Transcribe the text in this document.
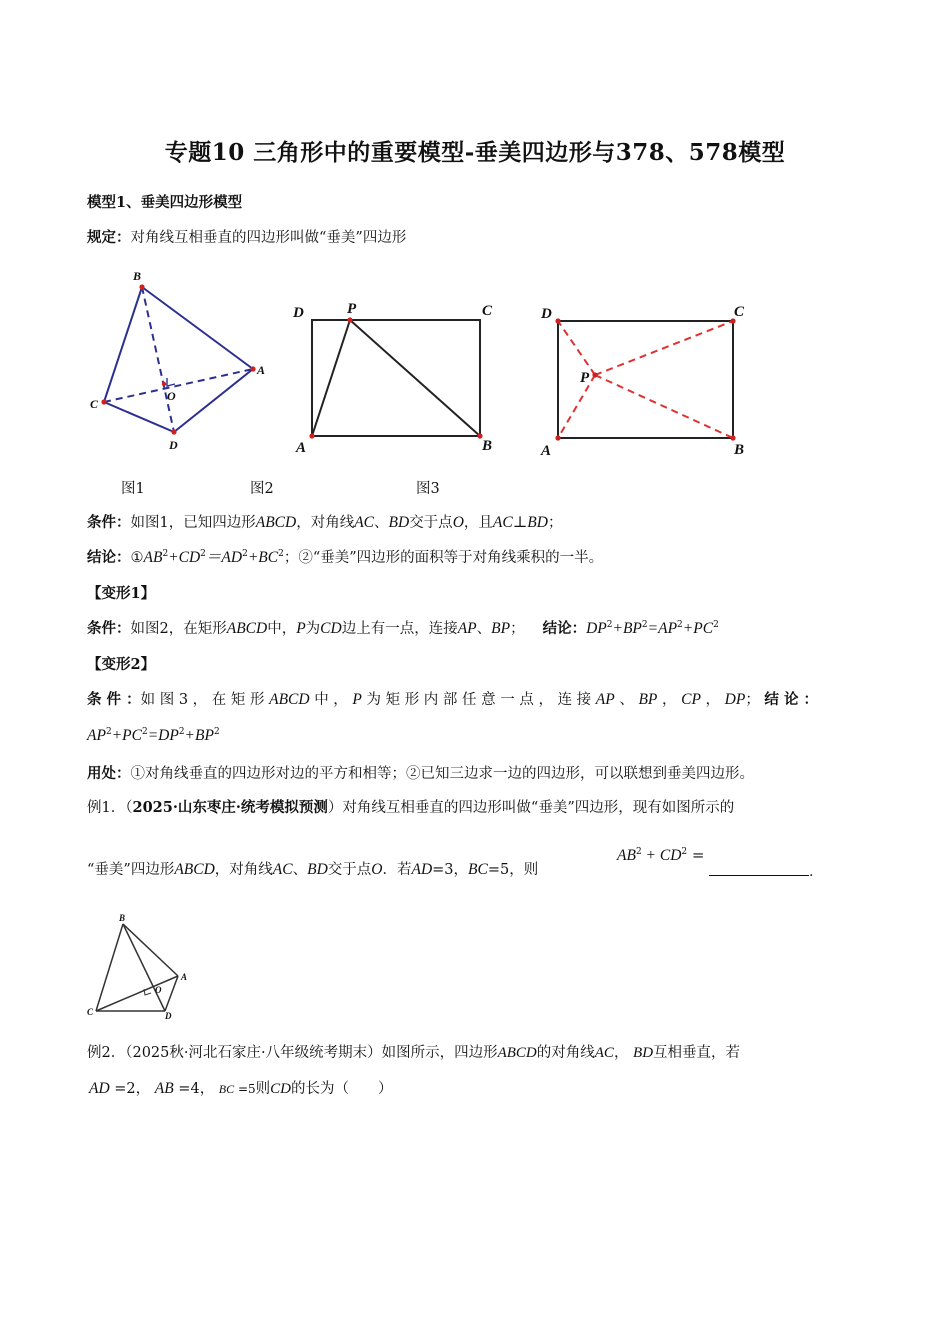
专题10 三角形中的重要模型-垂美四边形与378、578模型
模型1、垂美四边形模型
规定：对角线互相垂直的四边形叫做“垂美”四边形
B
A
C
D
O
D	P	C
A	B
D	C
P
A	B
图1	图2	图3
条件：如图1，已知四边形ABCD，对角线AC、BD交于点O，且AC⊥BD；
结论：$①AB^2+CD^2=AD^2+BC^2$；②“垂美”四边形的面积等于对角线乘积的一半。
【变形1】
条件：如图2，在矩形ABCD中，P为CD边上有一点，连接AP、BP； 结论：$DP^2+BP^2=AP^2+PC^2$
【变形2】
条 件 ：如 图 3 ， 在 矩 形 ABCD 中 ， P 为 矩 形 内 部 任 意 一 点 ， 连 接 AP 、 BP ， CP ， DP； 结 论 ：
$AP^2+PC^2=DP^2+BP^2$
用处：①对角线垂直的四边形对边的平方和相等；②已知三边求一边的四边形，可以联想到垂美四边形。
例1．（2025·山东枣庄·统考模拟预测）对角线互相垂直的四边形叫做“垂美”四边形，现有如图所示的
“垂美”四边形ABCD，对角线AC、BD交于点O．若AD=3，BC=5，则
$AB^2 + CD^2$ =
．
B
A
O
C	D
例2．（2025秋·河北石家庄·八年级统考期末）如图所示，四边形ABCD的对角线AC， BD互相垂直，若
AD =2， AB =4， BC =5则CD的长为（　　）
